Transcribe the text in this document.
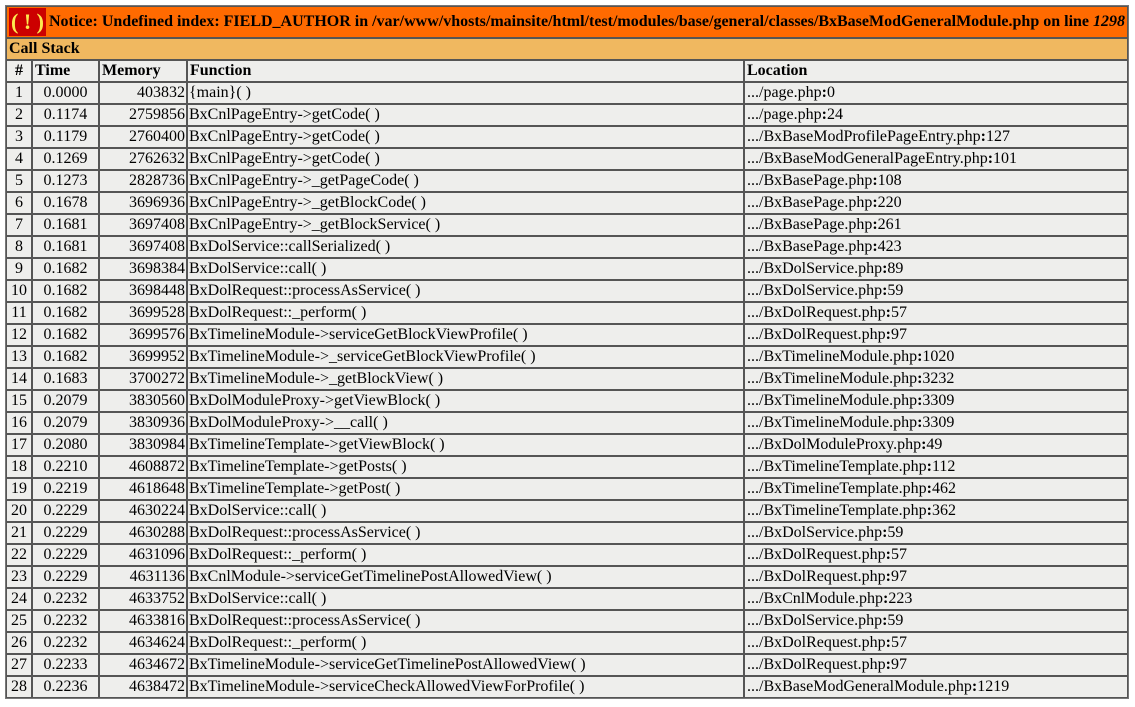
( ! ) Notice: Undefined index: FIELD_AUTHOR in /var/www/vhosts/mainsite/html/test/modules/base/general/classes/BxBaseModGeneralModule.php on line 1298				
Call Stack				
#	Time	Memory	Function	Location
1	0.0000	403832	{main}( )	.../page.php:0
2	0.1174	2759856	BxCnlPageEntry->getCode( )	.../page.php:24
3	0.1179	2760400	BxCnlPageEntry->getCode( )	.../BxBaseModProfilePageEntry.php:127
4	0.1269	2762632	BxCnlPageEntry->getCode( )	.../BxBaseModGeneralPageEntry.php:101
5	0.1273	2828736	BxCnlPageEntry->_getPageCode( )	.../BxBasePage.php:108
6	0.1678	3696936	BxCnlPageEntry->_getBlockCode( )	.../BxBasePage.php:220
7	0.1681	3697408	BxCnlPageEntry->_getBlockService( )	.../BxBasePage.php:261
8	0.1681	3697408	BxDolService::callSerialized( )	.../BxBasePage.php:423
9	0.1682	3698384	BxDolService::call( )	.../BxDolService.php:89
10	0.1682	3698448	BxDolRequest::processAsService( )	.../BxDolService.php:59
11	0.1682	3699528	BxDolRequest::_perform( )	.../BxDolRequest.php:57
12	0.1682	3699576	BxTimelineModule->serviceGetBlockViewProfile( )	.../BxDolRequest.php:97
13	0.1682	3699952	BxTimelineModule->_serviceGetBlockViewProfile( )	.../BxTimelineModule.php:1020
14	0.1683	3700272	BxTimelineModule->_getBlockView( )	.../BxTimelineModule.php:3232
15	0.2079	3830560	BxDolModuleProxy->getViewBlock( )	.../BxTimelineModule.php:3309
16	0.2079	3830936	BxDolModuleProxy->__call( )	.../BxTimelineModule.php:3309
17	0.2080	3830984	BxTimelineTemplate->getViewBlock( )	.../BxDolModuleProxy.php:49
18	0.2210	4608872	BxTimelineTemplate->getPosts( )	.../BxTimelineTemplate.php:112
19	0.2219	4618648	BxTimelineTemplate->getPost( )	.../BxTimelineTemplate.php:462
20	0.2229	4630224	BxDolService::call( )	.../BxTimelineTemplate.php:362
21	0.2229	4630288	BxDolRequest::processAsService( )	.../BxDolService.php:59
22	0.2229	4631096	BxDolRequest::_perform( )	.../BxDolRequest.php:57
23	0.2229	4631136	BxCnlModule->serviceGetTimelinePostAllowedView( )	.../BxDolRequest.php:97
24	0.2232	4633752	BxDolService::call( )	.../BxCnlModule.php:223
25	0.2232	4633816	BxDolRequest::processAsService( )	.../BxDolService.php:59
26	0.2232	4634624	BxDolRequest::_perform( )	.../BxDolRequest.php:57
27	0.2233	4634672	BxTimelineModule->serviceGetTimelinePostAllowedView( )	.../BxDolRequest.php:97
28	0.2236	4638472	BxTimelineModule->serviceCheckAllowedViewForProfile( )	.../BxBaseModGeneralModule.php:1219
